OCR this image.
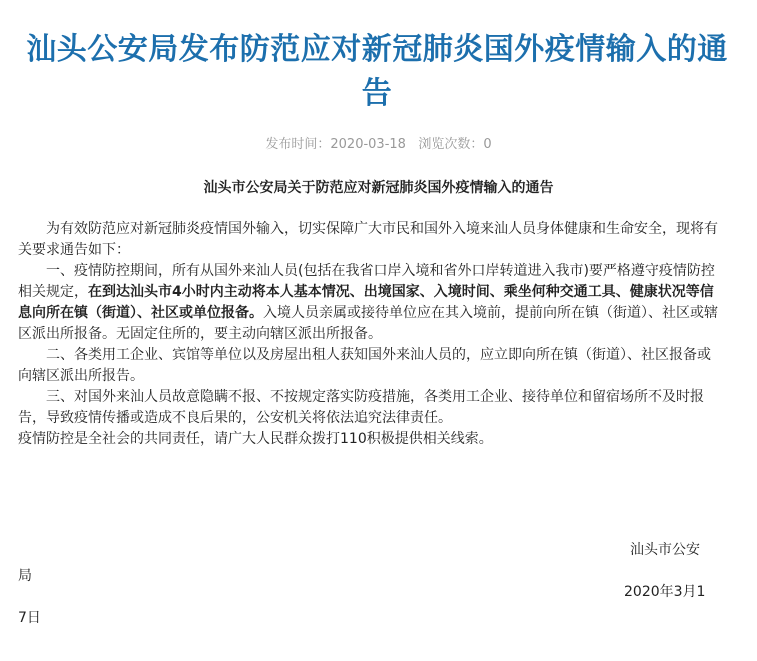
汕头公安局发布防范应对新冠肺炎国外疫情输入的通告
发布时间：2020-03-18 浏览次数：0
汕头市公安局关于防范应对新冠肺炎国外疫情输入的通告

为有效防范应对新冠肺炎疫情国外输入，切实保障广大市民和国外入境来汕人员身体健康和生命安全，现将有关要求通告如下：

一、疫情防控期间，所有从国外来汕人员(包括在我省口岸入境和省外口岸转道进入我市)要严格遵守疫情防控相关规定，在到达汕头市4小时内主动将本人基本情况、出境国家、入境时间、乘坐何种交通工具、健康状况等信息向所在镇（街道）、社区或单位报备。入境人员亲属或接待单位应在其入境前，提前向所在镇（街道）、社区或辖区派出所报备。无固定住所的，要主动向辖区派出所报备。

二、各类用工企业、宾馆等单位以及房屋出租人获知国外来汕人员的，应立即向所在镇（街道）、社区报备或向辖区派出所报告。

三、对国外来汕人员故意隐瞒不报、不按规定落实防疫措施，各类用工企业、接待单位和留宿场所不及时报告，导致疫情传播或造成不良后果的，公安机关将依法追究法律责任。

疫情防控是全社会的共同责任，请广大人民群众拨打110积极提供相关线索。

汕头市公安
局
2020年3月1
7日
